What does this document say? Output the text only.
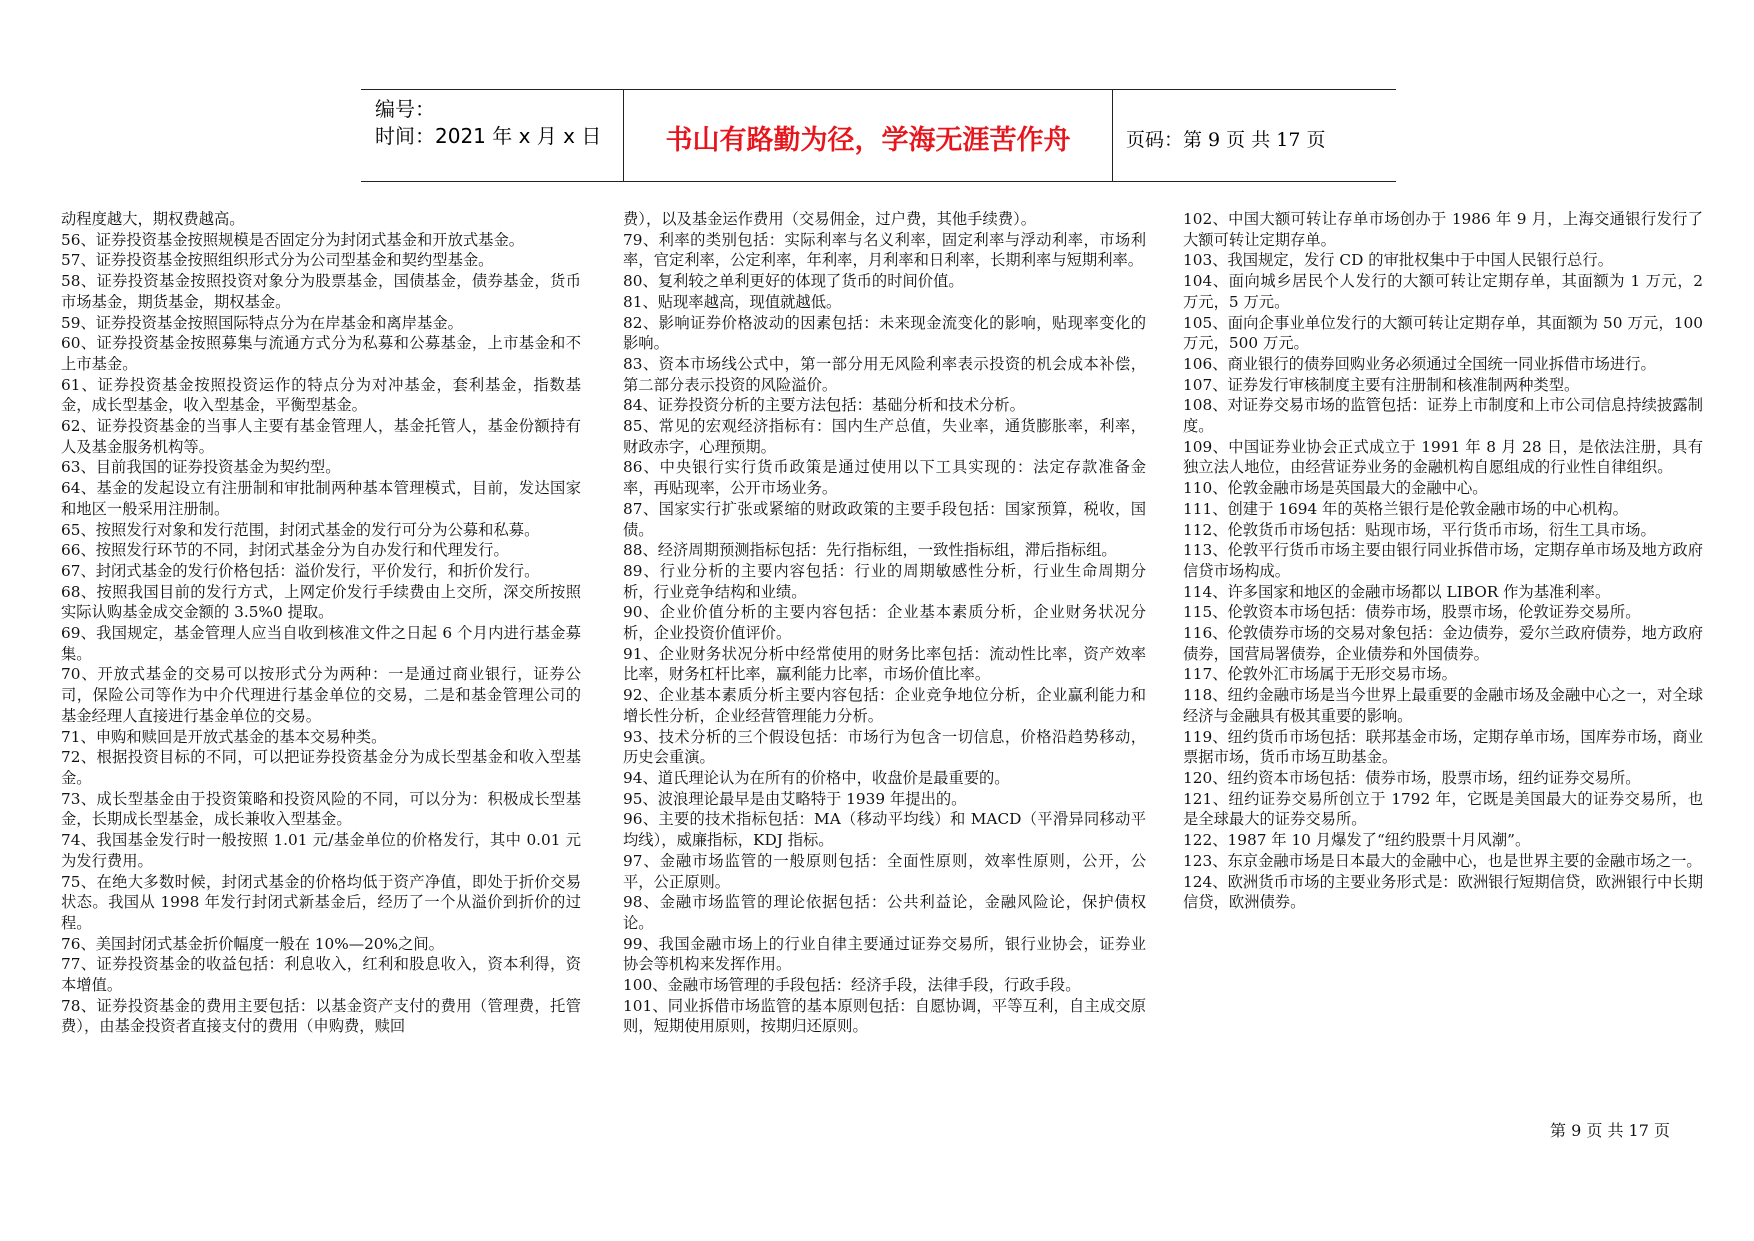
编号：
时间：2021 年 x 月 x 日	书山有路勤为径，学海无涯苦作舟	页码：第 9 页 共 17 页

动程度越大，期权费越高。

56、证券投资基金按照规模是否固定分为封闭式基金和开放式基金。

57、证券投资基金按照组织形式分为公司型基金和契约型基金。

58、证券投资基金按照投资对象分为股票基金，国债基金，债券基金，货币市场基金，期货基金，期权基金。

59、证券投资基金按照国际特点分为在岸基金和离岸基金。

60、证券投资基金按照募集与流通方式分为私募和公募基金，上市基金和不上市基金。

61、证券投资基金按照投资运作的特点分为对冲基金，套利基金，指数基金，成长型基金，收入型基金，平衡型基金。

62、证券投资基金的当事人主要有基金管理人，基金托管人，基金份额持有人及基金服务机构等。

63、目前我国的证券投资基金为契约型。

64、基金的发起设立有注册制和审批制两种基本管理模式，目前，发达国家和地区一般采用注册制。

65、按照发行对象和发行范围，封闭式基金的发行可分为公募和私募。

66、按照发行环节的不同，封闭式基金分为自办发行和代理发行。

67、封闭式基金的发行价格包括：溢价发行，平价发行，和折价发行。

68、按照我国目前的发行方式，上网定价发行手续费由上交所，深交所按照实际认购基金成交金额的 3.5%0 提取。

69、我国规定，基金管理人应当自收到核准文件之日起 6 个月内进行基金募集。

70、开放式基金的交易可以按形式分为两种：一是通过商业银行，证券公司，保险公司等作为中介代理进行基金单位的交易，二是和基金管理公司的基金经理人直接进行基金单位的交易。

71、申购和赎回是开放式基金的基本交易种类。

72、根据投资目标的不同，可以把证券投资基金分为成长型基金和收入型基金。

73、成长型基金由于投资策略和投资风险的不同，可以分为：积极成长型基金，长期成长型基金，成长兼收入型基金。

74、我国基金发行时一般按照 1.01 元/基金单位的价格发行，其中 0.01 元为发行费用。

75、在绝大多数时候，封闭式基金的价格均低于资产净值，即处于折价交易状态。我国从 1998 年发行封闭式新基金后，经历了一个从溢价到折价的过程。

76、美国封闭式基金折价幅度一般在 10%—20%之间。

77、证券投资基金的收益包括：利息收入，红利和股息收入，资本利得，资本增值。

78、证券投资基金的费用主要包括：以基金资产支付的费用（管理费，托管费），由基金投资者直接支付的费用（申购费，赎回

费），以及基金运作费用（交易佣金，过户费，其他手续费）。

79、利率的类别包括：实际利率与名义利率，固定利率与浮动利率，市场利率，官定利率，公定利率，年利率，月利率和日利率，长期利率与短期利率。

80、复利较之单利更好的体现了货币的时间价值。

81、贴现率越高，现值就越低。

82、影响证券价格波动的因素包括：未来现金流变化的影响，贴现率变化的影响。

83、资本市场线公式中，第一部分用无风险利率表示投资的机会成本补偿，第二部分表示投资的风险溢价。

84、证券投资分析的主要方法包括：基础分析和技术分析。

85、常见的宏观经济指标有：国内生产总值，失业率，通货膨胀率，利率，财政赤字，心理预期。

86、中央银行实行货币政策是通过使用以下工具实现的：法定存款准备金率，再贴现率，公开市场业务。

87、国家实行扩张或紧缩的财政政策的主要手段包括：国家预算，税收，国债。

88、经济周期预测指标包括：先行指标组，一致性指标组，滞后指标组。

89、行业分析的主要内容包括：行业的周期敏感性分析，行业生命周期分析，行业竞争结构和业绩。

90、企业价值分析的主要内容包括：企业基本素质分析，企业财务状况分析，企业投资价值评价。

91、企业财务状况分析中经常使用的财务比率包括：流动性比率，资产效率比率，财务杠杆比率，赢利能力比率，市场价值比率。

92、企业基本素质分析主要内容包括：企业竞争地位分析，企业赢利能力和增长性分析，企业经营管理能力分析。

93、技术分析的三个假设包括：市场行为包含一切信息，价格沿趋势移动，历史会重演。

94、道氏理论认为在所有的价格中，收盘价是最重要的。

95、波浪理论最早是由艾略特于 1939 年提出的。

96、主要的技术指标包括：MA（移动平均线）和 MACD（平滑异同移动平均线），威廉指标，KDJ 指标。

97、金融市场监管的一般原则包括：全面性原则，效率性原则，公开，公平，公正原则。

98、金融市场监管的理论依据包括：公共利益论，金融风险论，保护债权论。

99、我国金融市场上的行业自律主要通过证券交易所，银行业协会，证券业协会等机构来发挥作用。

100、金融市场管理的手段包括：经济手段，法律手段，行政手段。

101、同业拆借市场监管的基本原则包括：自愿协调，平等互利，自主成交原则，短期使用原则，按期归还原则。

102、中国大额可转让存单市场创办于 1986 年 9 月，上海交通银行发行了大额可转让定期存单。

103、我国规定，发行 CD 的审批权集中于中国人民银行总行。

104、面向城乡居民个人发行的大额可转让定期存单，其面额为 1 万元，2 万元，5 万元。

105、面向企事业单位发行的大额可转让定期存单，其面额为 50 万元，100 万元，500 万元。

106、商业银行的债券回购业务必须通过全国统一同业拆借市场进行。

107、证券发行审核制度主要有注册制和核准制两种类型。

108、对证券交易市场的监管包括：证券上市制度和上市公司信息持续披露制度。

109、中国证券业协会正式成立于 1991 年 8 月 28 日，是依法注册，具有独立法人地位，由经营证券业务的金融机构自愿组成的行业性自律组织。

110、伦敦金融市场是英国最大的金融中心。

111、创建于 1694 年的英格兰银行是伦敦金融市场的中心机构。

112、伦敦货币市场包括：贴现市场，平行货币市场，衍生工具市场。

113、伦敦平行货币市场主要由银行同业拆借市场，定期存单市场及地方政府信贷市场构成。

114、许多国家和地区的金融市场都以 LIBOR 作为基准利率。

115、伦敦资本市场包括：债券市场，股票市场，伦敦证券交易所。

116、伦敦债券市场的交易对象包括：金边债券，爱尔兰政府债券，地方政府债券，国营局署债券，企业债券和外国债券。

117、伦敦外汇市场属于无形交易市场。

118、纽约金融市场是当今世界上最重要的金融市场及金融中心之一，对全球经济与金融具有极其重要的影响。

119、纽约货币市场包括：联邦基金市场，定期存单市场，国库券市场，商业票据市场，货币市场互助基金。

120、纽约资本市场包括：债券市场，股票市场，纽约证券交易所。

121、纽约证券交易所创立于 1792 年，它既是美国最大的证券交易所，也是全球最大的证券交易所。

122、1987 年 10 月爆发了“纽约股票十月风潮”。

123、东京金融市场是日本最大的金融中心，也是世界主要的金融市场之一。

124、欧洲货币市场的主要业务形式是：欧洲银行短期信贷，欧洲银行中长期信贷，欧洲债券。

第 9 页 共 17 页
